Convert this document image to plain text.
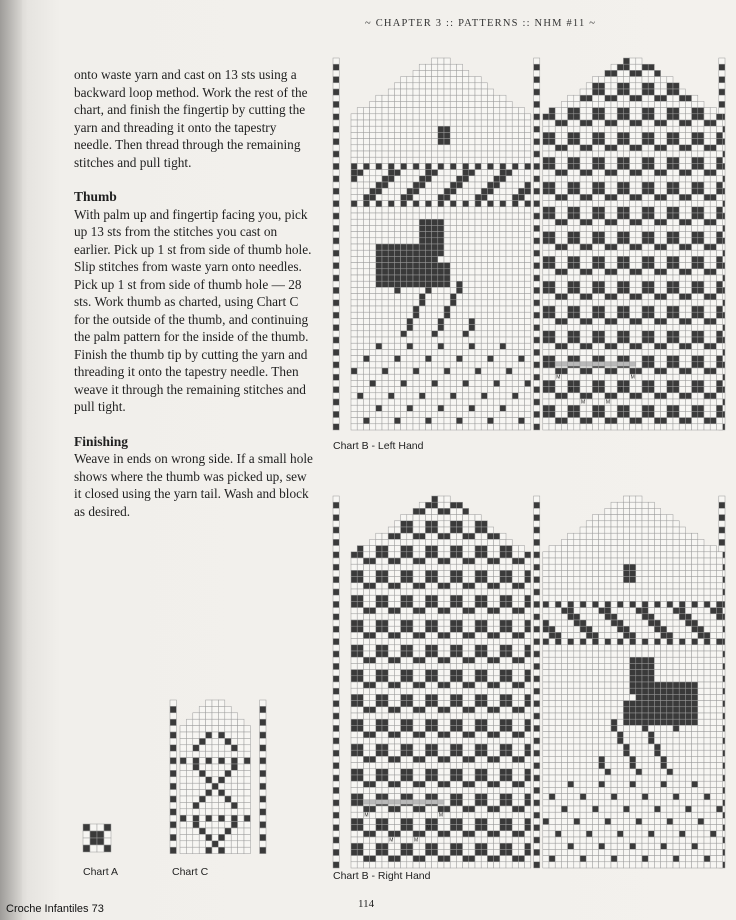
~ CHAPTER 3 :: PATTERNS :: NHM #11 ~

onto waste yarn and cast on 13 sts using a backward loop method. Work the rest of the chart, and finish the fingertip by cutting the yarn and threading it onto the tapestry needle. Then thread through the remaining stitches and pull tight.

Thumb

With palm up and fingertip facing you, pick up 13 sts from the stitches you cast on earlier. Pick up 1 st from side of thumb hole. Slip stitches from waste yarn onto needles. Pick up 1 st from side of thumb hole — 28 sts. Work thumb as charted, using Chart C for the outside of the thumb, and continuing the palm pattern for the inside of the thumb. Finish the thumb tip by cutting the yarn and threading it onto the tapestry needle. Then weave it through the remaining stitches and pull tight.

Finishing

Weave in ends on wrong side. If a small hole shows where the thumb was picked up, sew it closed using the yarn tail. Wash and block as desired.

M
M
M	M
M
M
Chart B - Left Hand
M
M
M	M
M
M
Chart B - Right Hand
Chart C
Chart A
114
Croche Infantiles 73
